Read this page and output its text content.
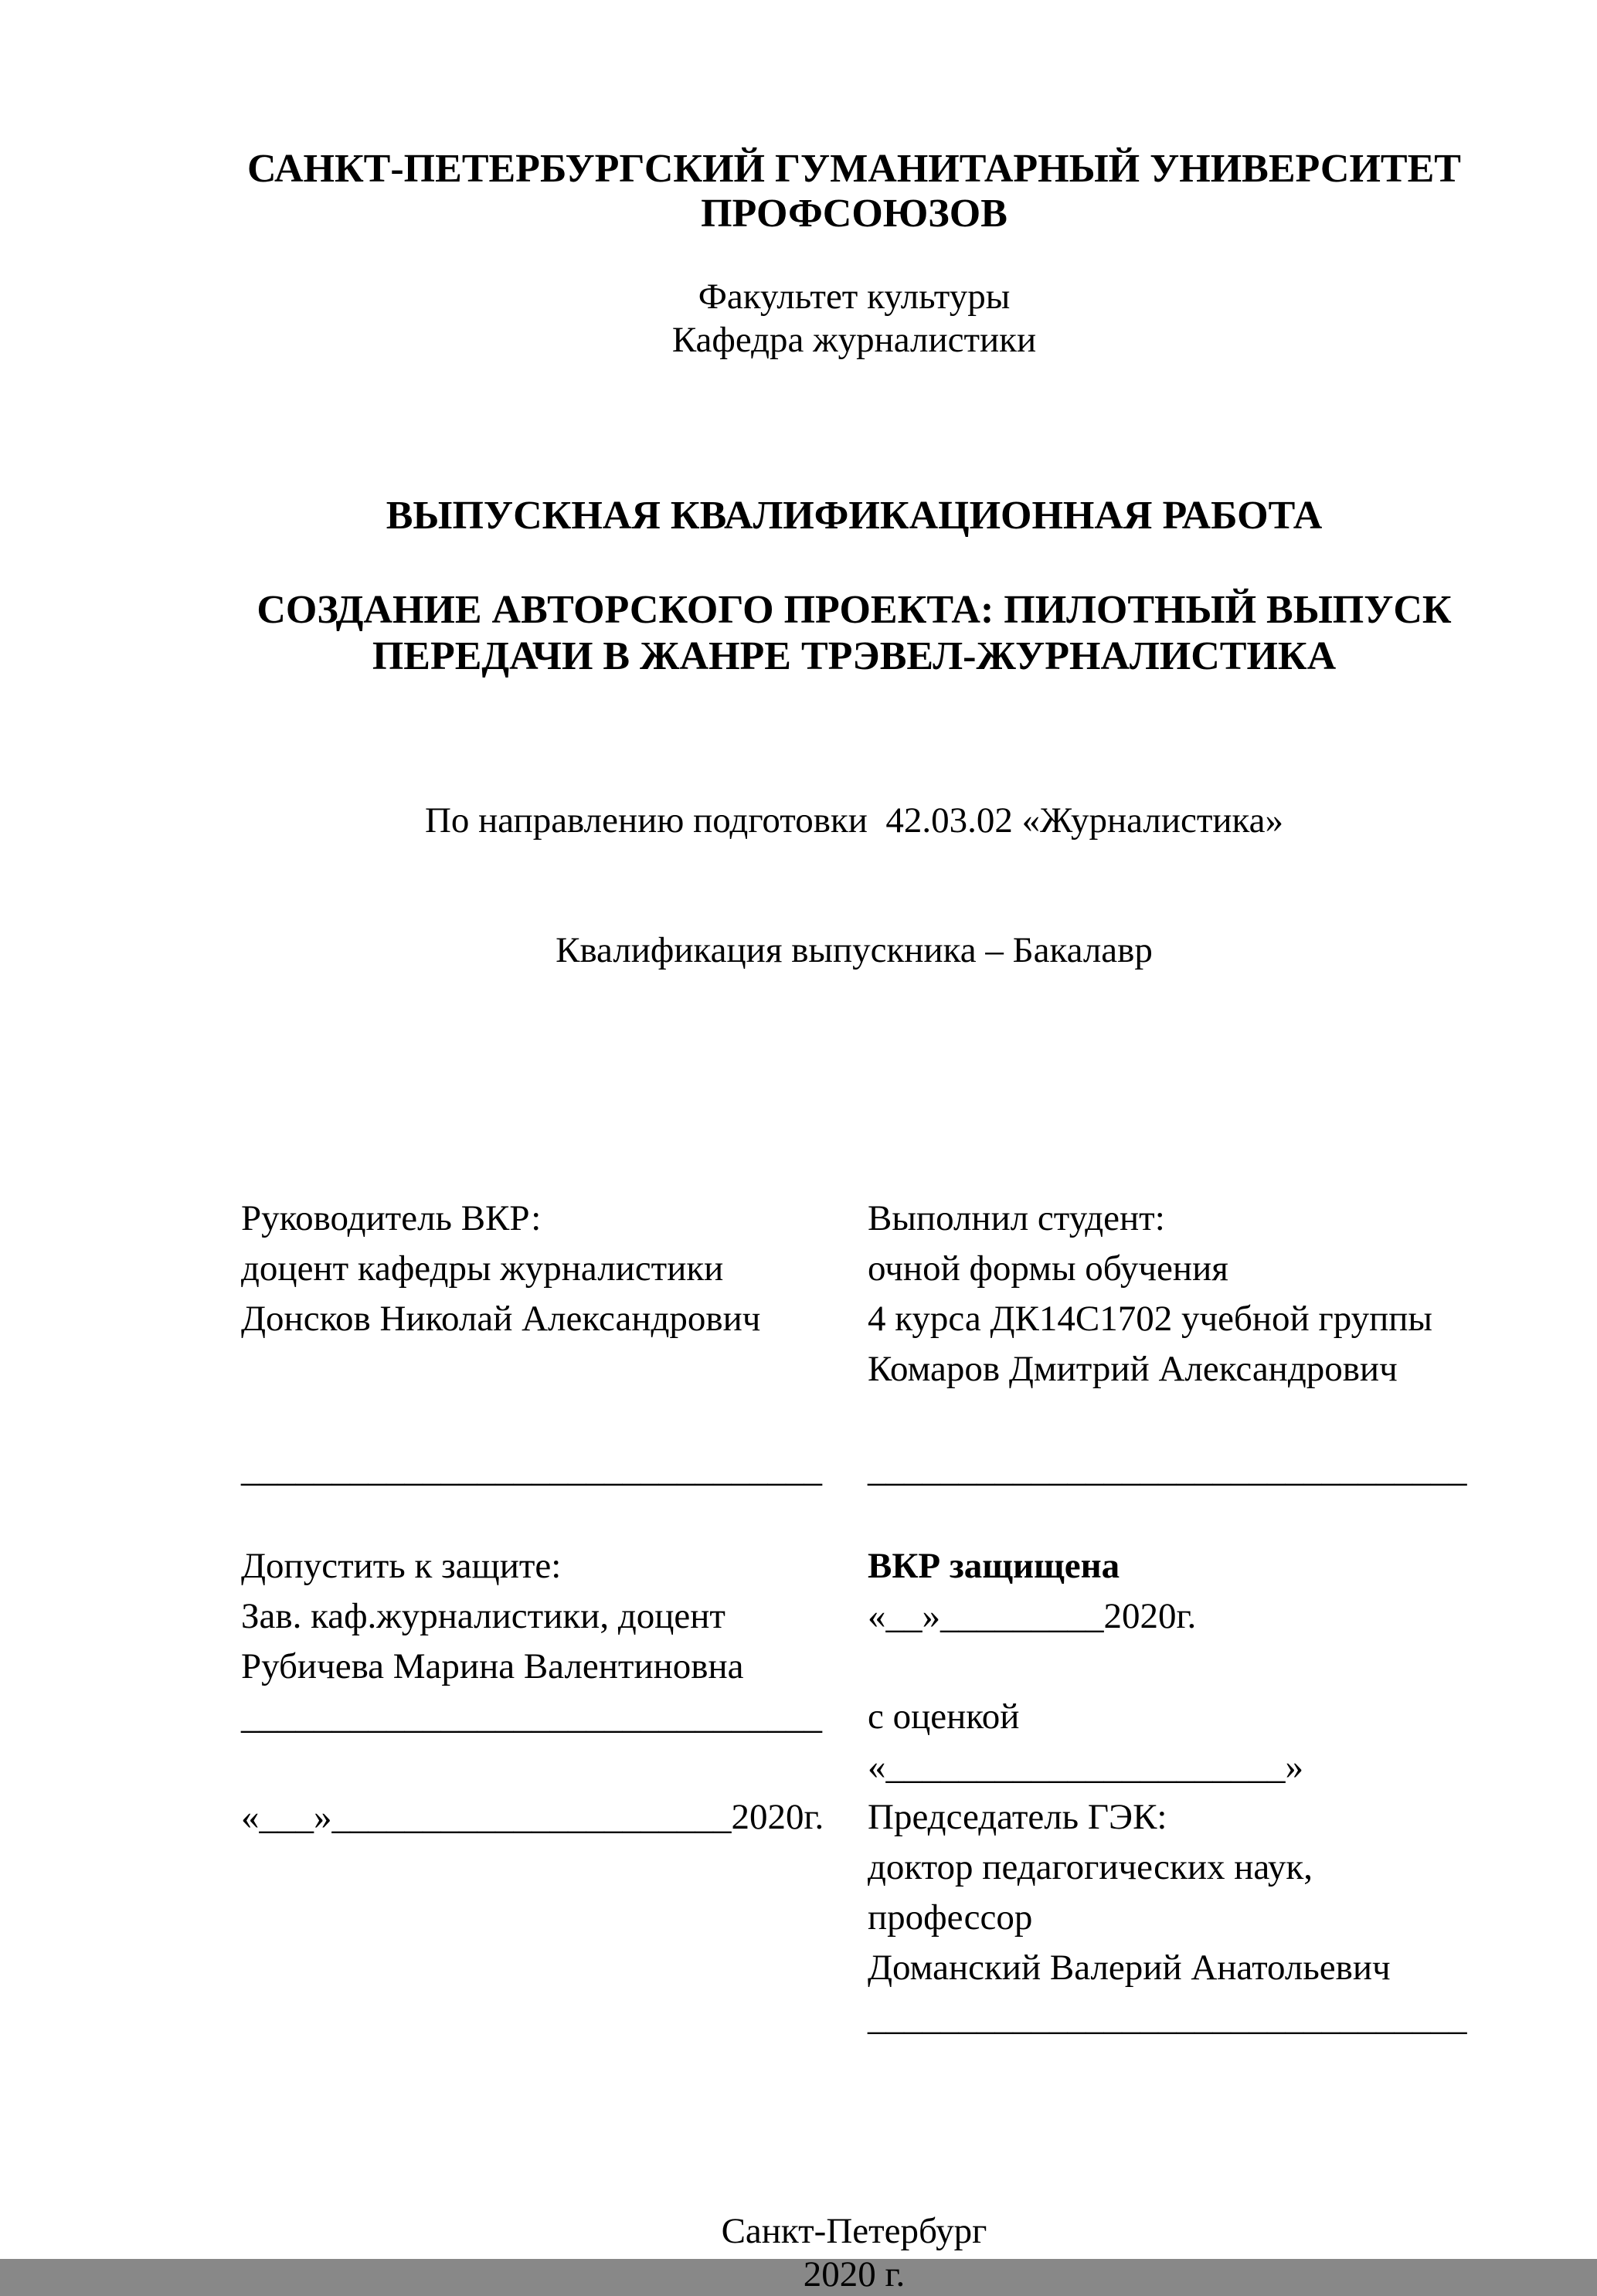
САНКТ-ПЕТЕРБУРГСКИЙ ГУМАНИТАРНЫЙ УНИВЕРСИТЕТ
ПРОФСОЮЗОВ
Факультет культуры
Кафедра журналистики
ВЫПУСКНАЯ КВАЛИФИКАЦИОННАЯ РАБОТА
СОЗДАНИЕ АВТОРСКОГО ПРОЕКТА: ПИЛОТНЫЙ ВЫПУСК
ПЕРЕДАЧИ В ЖАНРЕ ТРЭВЕЛ-ЖУРНАЛИСТИКА

По направлению подготовки  42.03.02 «Журналистика»

Квалификация выпускника – Бакалавр

Руководитель ВКР:
доцент кафедры журналистики
Донсков Николай Александрович

________________________________
Выполнил студент:
очной формы обучения
4 курса ДК14С1702 учебной группы
Комаров Дмитрий Александрович

_________________________________
Допустить к защите:
Зав. каф.журналистики, доцент
Рубичева Марина Валентиновна
________________________________

«___»______________________2020г.
ВКР защищена
«__»_________2020г.

с оценкой
«______________________»
Председатель ГЭК:
доктор педагогических наук,
профессор
Доманский Валерий Анатольевич
_________________________________
Санкт-Петербург
2020 г.
